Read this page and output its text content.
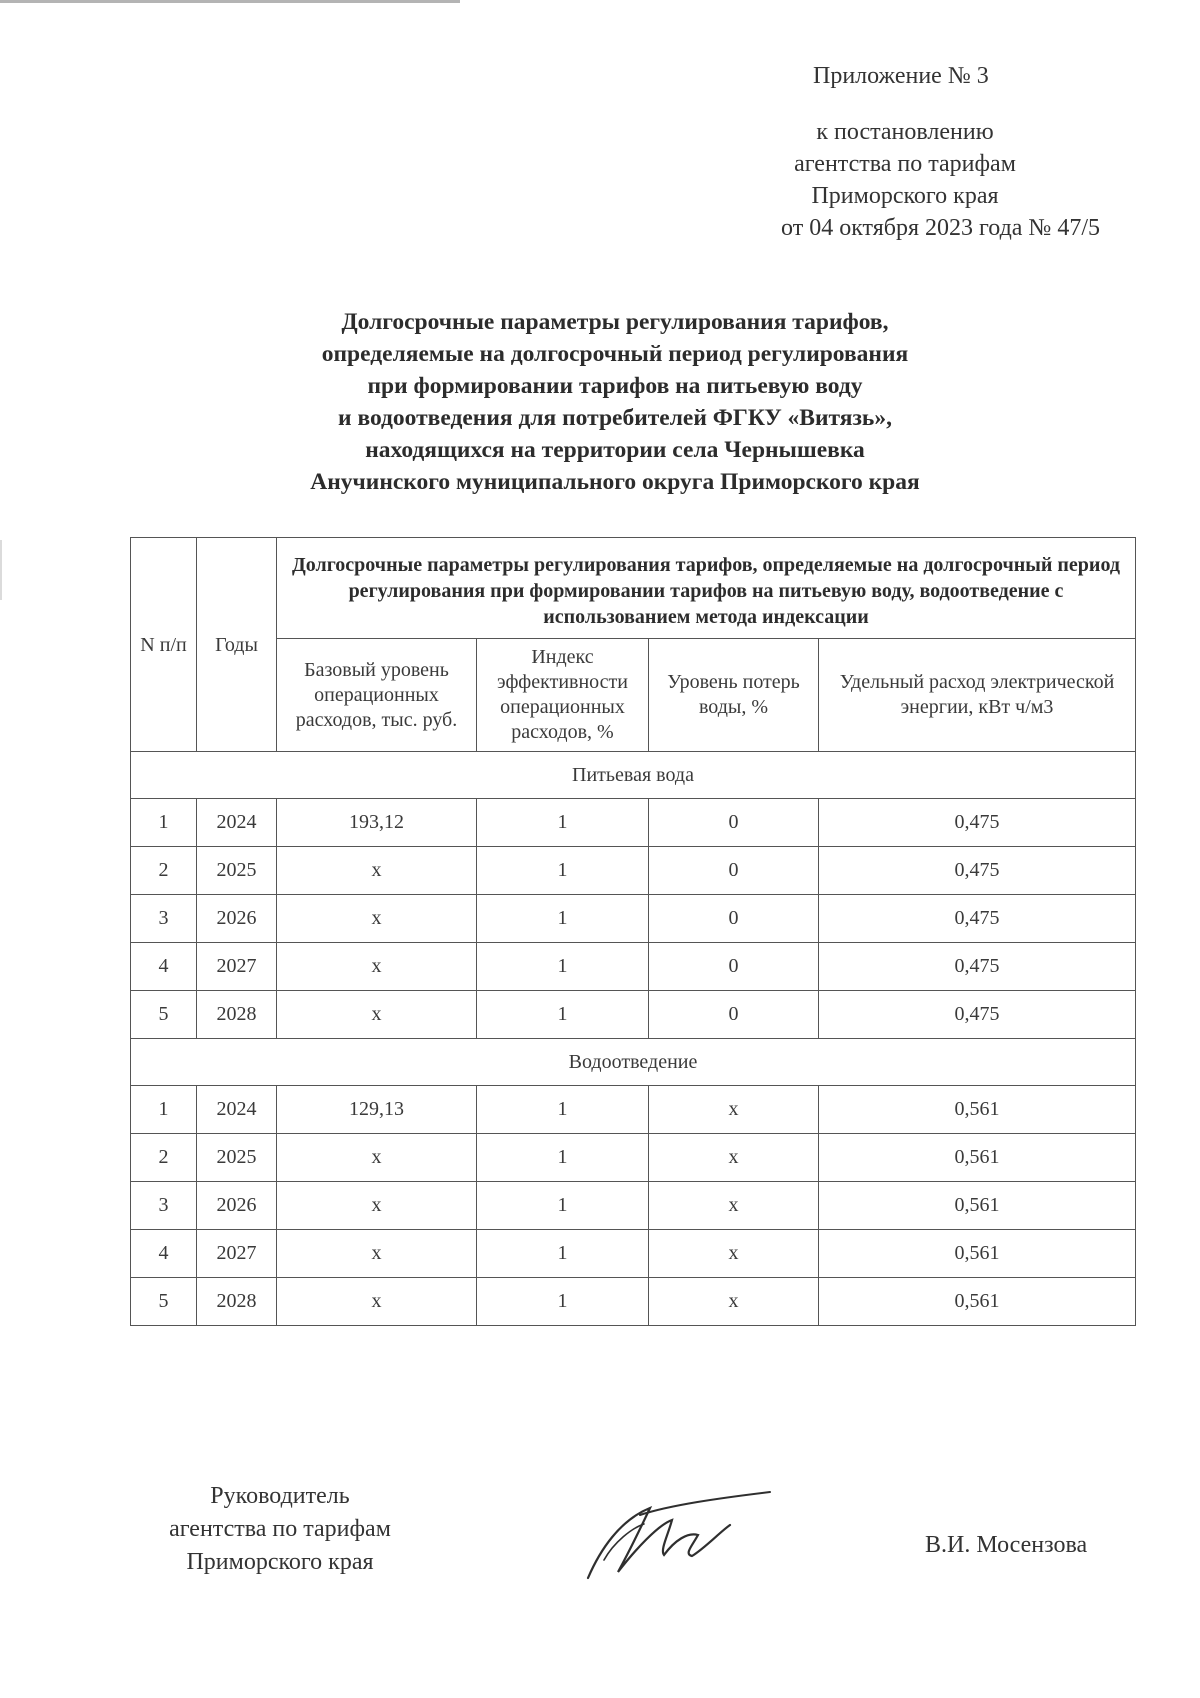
Приложение № 3
к постановлению
агентства по тарифам
Приморского края
от 04 октября 2023 года № 47/5
Долгосрочные параметры регулирования тарифов,
определяемые на долгосрочный период регулирования
при формировании тарифов на питьевую воду
и водоотведения для потребителей ФГКУ «Витязь»,
находящихся на территории села Чернышевка
Анучинского муниципального округа Приморского края
N п/п	Годы	Долгосрочные параметры регулирования тарифов, определяемые на долгосрочный период регулирования при формировании тарифов на питьевую воду, водоотведение с использованием метода индексации			
		Базовый уровень операционных расходов, тыс. руб.	Индекс эффективности операционных расходов, %	Уровень потерь воды, %	Удельный расход электрической энергии, кВт ч/м3
Питьевая вода					
1	2024	193,12	1	0	0,475
2	2025	х	1	0	0,475
3	2026	х	1	0	0,475
4	2027	х	1	0	0,475
5	2028	х	1	0	0,475
Водоотведение					
1	2024	129,13	1	х	0,561
2	2025	х	1	х	0,561
3	2026	х	1	х	0,561
4	2027	х	1	х	0,561
5	2028	х	1	х	0,561
Руководитель
агентства по тарифам
Приморского края
В.И. Мосензова
